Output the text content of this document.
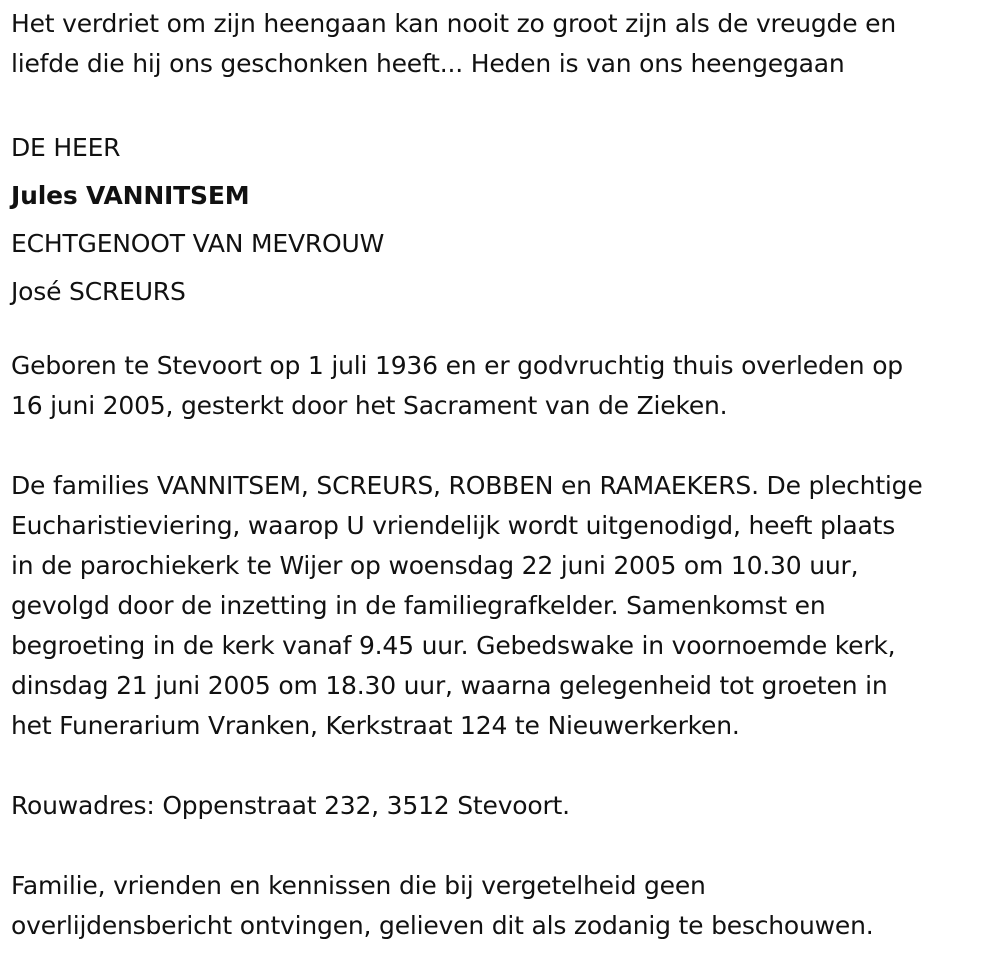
Het verdriet om zijn heengaan kan nooit zo groot zijn als de vreugde en
liefde die hij ons geschonken heeft... Heden is van ons heengegaan
DE HEER
Jules VANNITSEM
ECHTGENOOT VAN MEVROUW
José SCREURS
Geboren te Stevoort op 1 juli 1936 en er godvruchtig thuis overleden op
16 juni 2005, gesterkt door het Sacrament van de Zieken.
De families VANNITSEM, SCREURS, ROBBEN en RAMAEKERS. De plechtige
Eucharistieviering, waarop U vriendelijk wordt uitgenodigd, heeft plaats
in de parochiekerk te Wijer op woensdag 22 juni 2005 om 10.30 uur,
gevolgd door de inzetting in de familiegrafkelder. Samenkomst en
begroeting in de kerk vanaf 9.45 uur. Gebedswake in voornoemde kerk,
dinsdag 21 juni 2005 om 18.30 uur, waarna gelegenheid tot groeten in
het Funerarium Vranken, Kerkstraat 124 te Nieuwerkerken.
Rouwadres: Oppenstraat 232, 3512 Stevoort.
Familie, vrienden en kennissen die bij vergetelheid geen
overlijdensbericht ontvingen, gelieven dit als zodanig te beschouwen.
